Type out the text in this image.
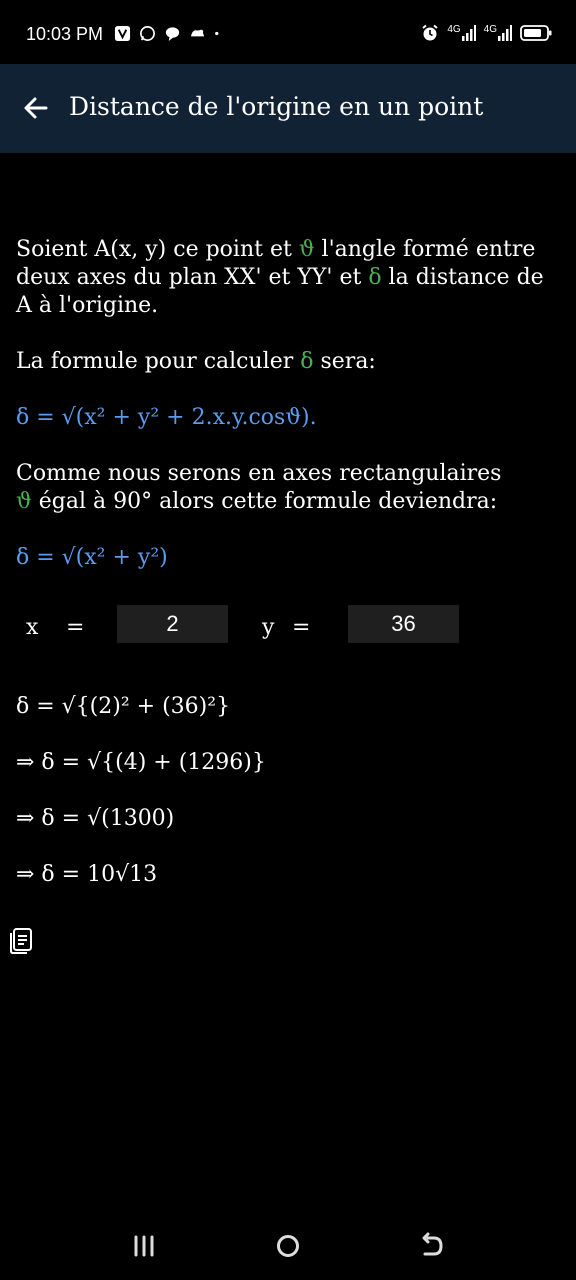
10:03 PM	4G 4G
Distance de l'origine en un point

Soient A(x, y) ce point et ϑ l'angle formé entre deux axes du plan XX' et YY' et δ la distance de A à l'origine.

La formule pour calculer δ sera:

δ = √(x² + y² + 2.x.y.cosϑ).

Comme nous serons en axes rectangulaires
ϑ égal à 90° alors cette formule deviendra:

δ = √(x² + y²)

x =
2	y =
36
δ = √{(2)² + (36)²}
⇒ δ = √{(4) + (1296)}
⇒ δ = √(1300)
⇒ δ = 10√13
